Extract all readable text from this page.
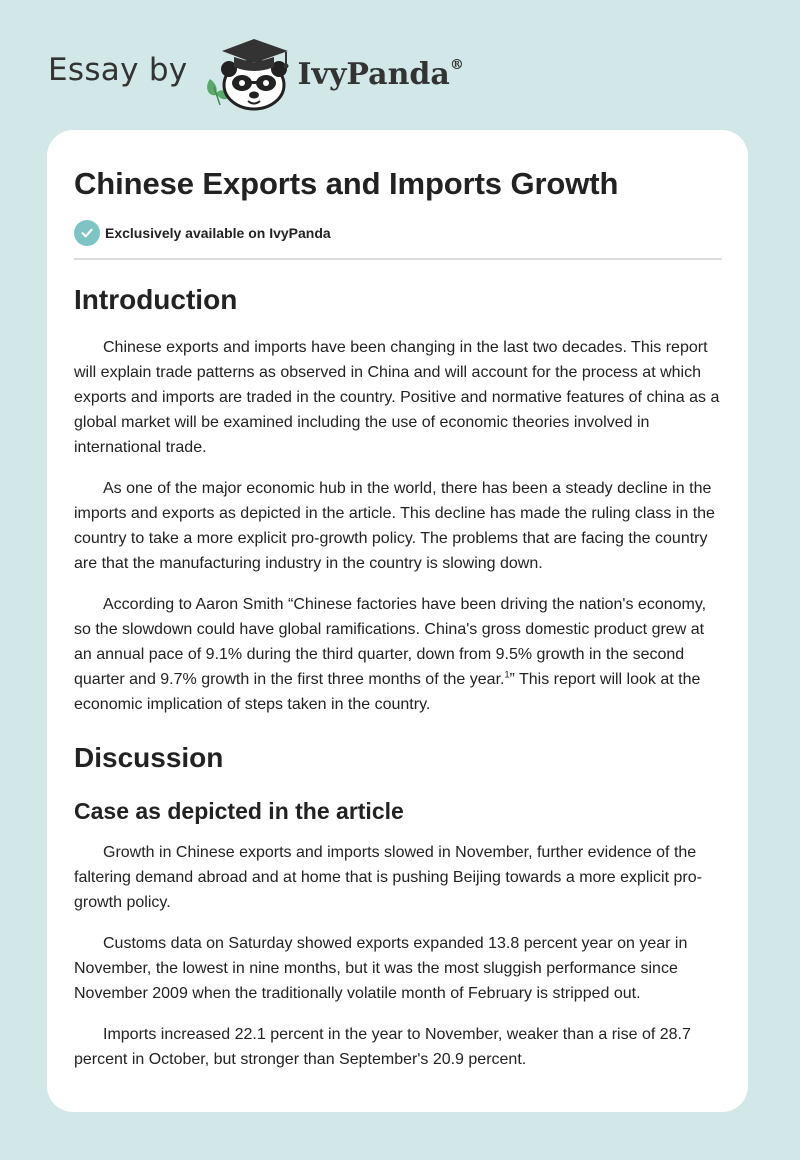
Essay by	IvyPanda®
Chinese Exports and Imports Growth
Exclusively available on IvyPanda
Introduction

Chinese exports and imports have been changing in the last two decades. This report will explain trade patterns as observed in China and will account for the process at which exports and imports are traded in the country. Positive and normative features of china as a global market will be examined including the use of economic theories involved in international trade.

As one of the major economic hub in the world, there has been a steady decline in the imports and exports as depicted in the article. This decline has made the ruling class in the country to take a more explicit pro-growth policy. The problems that are facing the country are that the manufacturing industry in the country is slowing down.

According to Aaron Smith “Chinese factories have been driving the nation's economy, so the slowdown could have global ramifications. China's gross domestic product grew at an annual pace of 9.1% during the third quarter, down from 9.5% growth in the second quarter and 9.7% growth in the first three months of the year.$^1$” This report will look at the economic implication of steps taken in the country.

Discussion
Case as depicted in the article

Growth in Chinese exports and imports slowed in November, further evidence of the faltering demand abroad and at home that is pushing Beijing towards a more explicit pro-growth policy.

Customs data on Saturday showed exports expanded 13.8 percent year on year in November, the lowest in nine months, but it was the most sluggish performance since November 2009 when the traditionally volatile month of February is stripped out.

Imports increased 22.1 percent in the year to November, weaker than a rise of 28.7 percent in October, but stronger than September's 20.9 percent.
